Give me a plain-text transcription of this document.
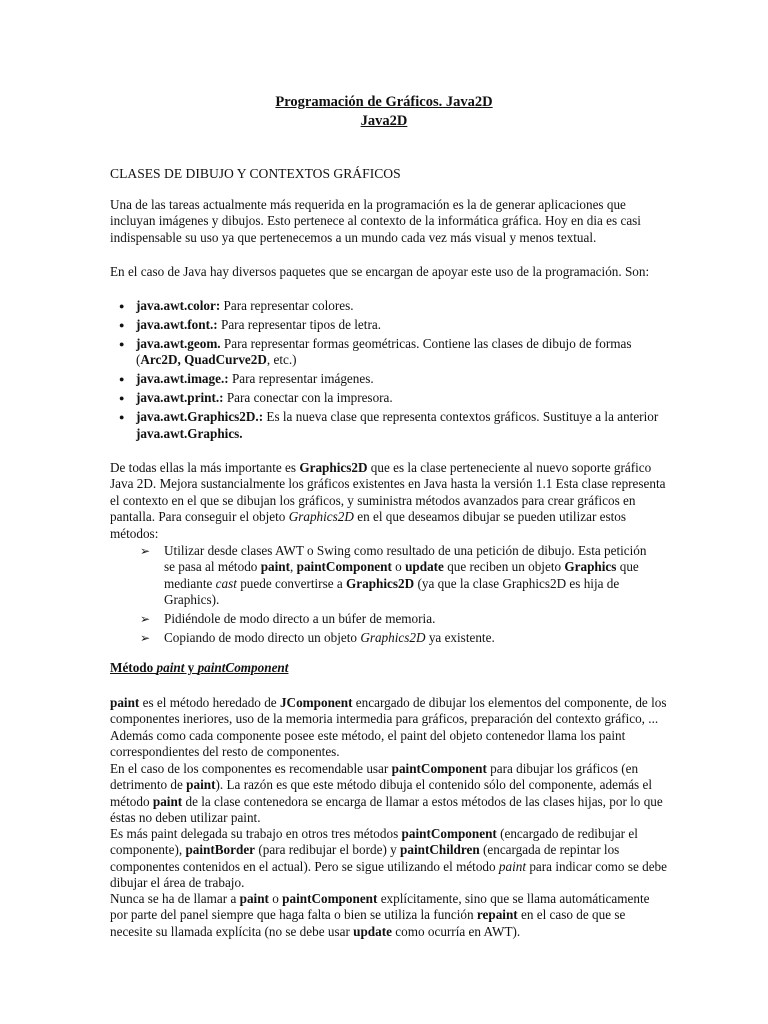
Programación de Gráficos. Java2D
Java2D
CLASES DE DIBUJO Y CONTEXTOS GRÁFICOS

Una de las tareas actualmente más requerida en la programación es la de generar aplicaciones que incluyan imágenes y dibujos. Esto pertenece al contexto de la informática gráfica. Hoy en dia es casi indispensable su uso ya que pertenecemos a un mundo cada vez más visual y menos textual.

En el caso de Java hay diversos paquetes que se encargan de apoyar este uso de la programación. Son:

● java.awt.color: Para representar colores.
● java.awt.font.: Para representar tipos de letra.
● java.awt.geom. Para representar formas geométricas. Contiene las clases de dibujo de formas (Arc2D, QuadCurve2D, etc.)
● java.awt.image.: Para representar imágenes.
● java.awt.print.: Para conectar con la impresora.
● java.awt.Graphics2D.: Es la nueva clase que representa contextos gráficos. Sustituye a la anterior java.awt.Graphics.

De todas ellas la más importante es Graphics2D que es la clase perteneciente al nuevo soporte gráfico Java 2D. Mejora sustancialmente los gráficos existentes en Java hasta la versión 1.1 Esta clase representa el contexto en el que se dibujan los gráficos, y suministra métodos avanzados para crear gráficos en pantalla. Para conseguir el objeto Graphics2D en el que deseamos dibujar se pueden utilizar estos métodos:

➢ Utilizar desde clases AWT o Swing como resultado de una petición de dibujo. Esta petición se pasa al método paint, paintComponent o update que reciben un objeto Graphics que mediante cast puede convertirse a Graphics2D (ya que la clase Graphics2D es hija de Graphics).
➢ Pidiéndole de modo directo a un búfer de memoria.
➢ Copiando de modo directo un objeto Graphics2D ya existente.
Método paint y paintComponent

paint es el método heredado de JComponent encargado de dibujar los elementos del componente, de los componentes ineriores, uso de la memoria intermedia para gráficos, preparación del contexto gráfico, ... Además como cada componente posee este método, el paint del objeto contenedor llama los paint correspondientes del resto de componentes.

En el caso de los componentes es recomendable usar paintComponent para dibujar los gráficos (en detrimento de paint). La razón es que este método dibuja el contenido sólo del componente, además el método paint de la clase contenedora se encarga de llamar a estos métodos de las clases hijas, por lo que éstas no deben utilizar paint.

Es más paint delegada su trabajo en otros tres métodos paintComponent (encargado de redibujar el componente), paintBorder (para redibujar el borde) y paintChildren (encargada de repintar los componentes contenidos en el actual). Pero se sigue utilizando el método paint para indicar como se debe dibujar el área de trabajo.

Nunca se ha de llamar a paint o paintComponent explícitamente, sino que se llama automáticamente por parte del panel siempre que haga falta o bien se utiliza la función repaint en el caso de que se necesite su llamada explícita (no se debe usar update como ocurría en AWT).
